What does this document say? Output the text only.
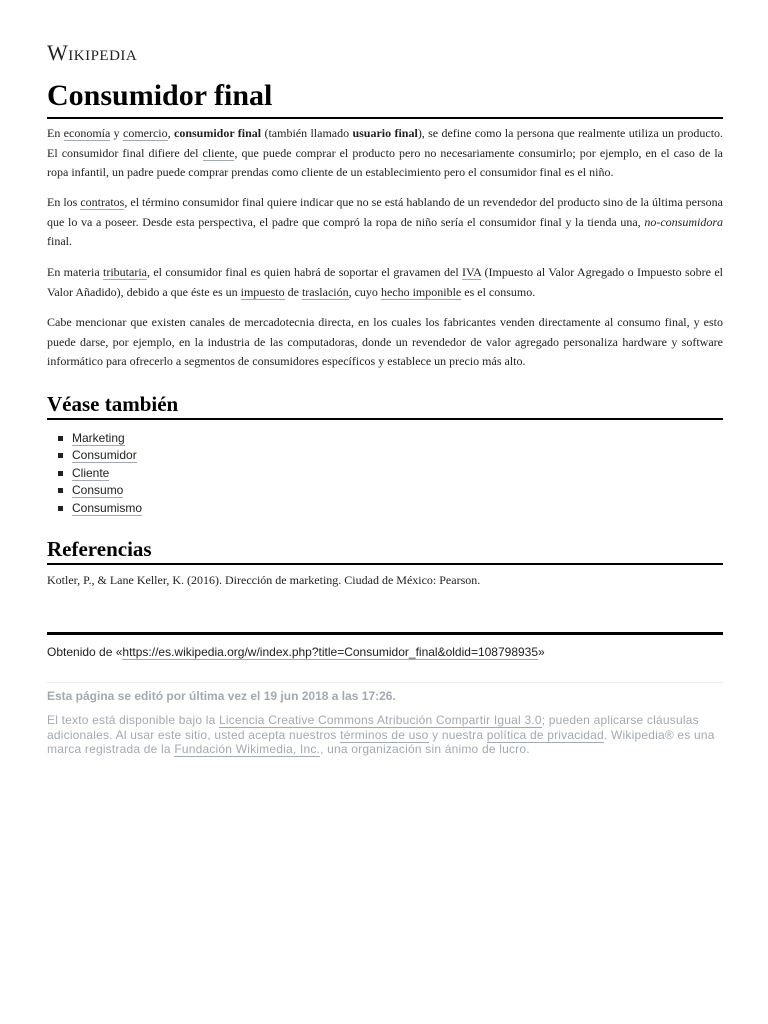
Wikipedia
Consumidor final

En economía y comercio, consumidor final (también llamado usuario final), se define como la persona que realmente utiliza un producto. El consumidor final difiere del cliente, que puede comprar el producto pero no necesariamente consumirlo; por ejemplo, en el caso de la ropa infantil, un padre puede comprar prendas como cliente de un establecimiento pero el consumidor final es el niño.

En los contratos, el término consumidor final quiere indicar que no se está hablando de un revendedor del producto sino de la última persona que lo va a poseer. Desde esta perspectiva, el padre que compró la ropa de niño sería el consumidor final y la tienda una, no-consumidora final.

En materia tributaria, el consumidor final es quien habrá de soportar el gravamen del IVA (Impuesto al Valor Agregado o Impuesto sobre el Valor Añadido), debido a que éste es un impuesto de traslación, cuyo hecho imponible es el consumo.

Cabe mencionar que existen canales de mercadotecnia directa, en los cuales los fabricantes venden directamente al consumo final, y esto puede darse, por ejemplo, en la industria de las computadoras, donde un revendedor de valor agregado personaliza hardware y software informático para ofrecerlo a segmentos de consumidores específicos y establece un precio más alto.

Véase también
Marketing
Consumidor
Cliente
Consumo
Consumismo
Referencias

Kotler, P., & Lane Keller, K. (2016). Dirección de marketing. Ciudad de México: Pearson.

Obtenido de «https://es.wikipedia.org/w/index.php?title=Consumidor_final&oldid=108798935»
Esta página se editó por última vez el 19 jun 2018 a las 17:26.

El texto está disponible bajo la Licencia Creative Commons Atribución Compartir Igual 3.0; pueden aplicarse cláusulas adicionales. Al usar este sitio, usted acepta nuestros términos de uso y nuestra política de privacidad. Wikipedia® es una marca registrada de la Fundación Wikimedia, Inc., una organización sin ánimo de lucro.
